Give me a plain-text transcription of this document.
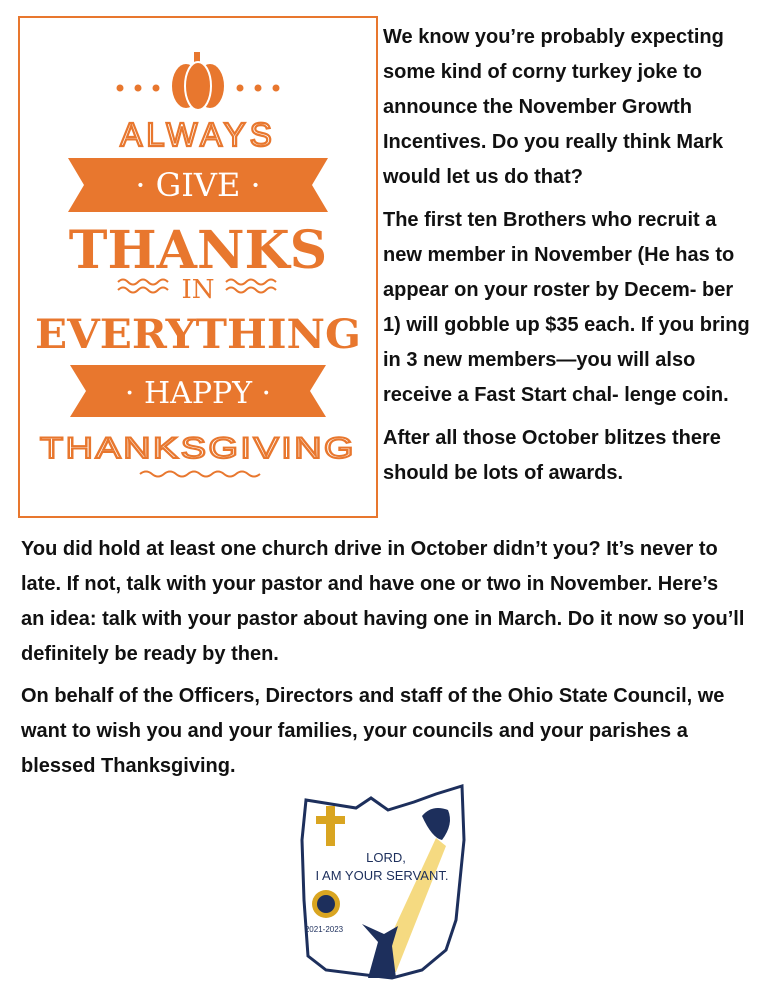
ALWAYS
· GIVE ·
THANKS
IN
EVERYTHING
· HAPPY ·
THANKSGIVING

We know you’re probably expecting some kind of corny turkey joke to announce the November Growth Incentives. Do you really think Mark would let us do that?

The first ten Brothers who recruit a new member in November (He has to appear on your roster by Decem- ber 1) will gobble up $35 each. If you bring in 3 new members—you will also receive a Fast Start chal- lenge coin.

After all those October blitzes there should be lots of awards.

You did hold at least one church drive in October didn’t you? It’s never to late. If not, talk with your pastor and have one or two in November. Here’s an idea: talk with your pastor about having one in March. Do it now so you’ll definitely be ready by then.

On behalf of the Officers, Directors and staff of the Ohio State Council, we want to wish you and your families, your councils and your parishes a blessed Thanksgiving.

LORD,
I AM YOUR SERVANT.
2021-2023
